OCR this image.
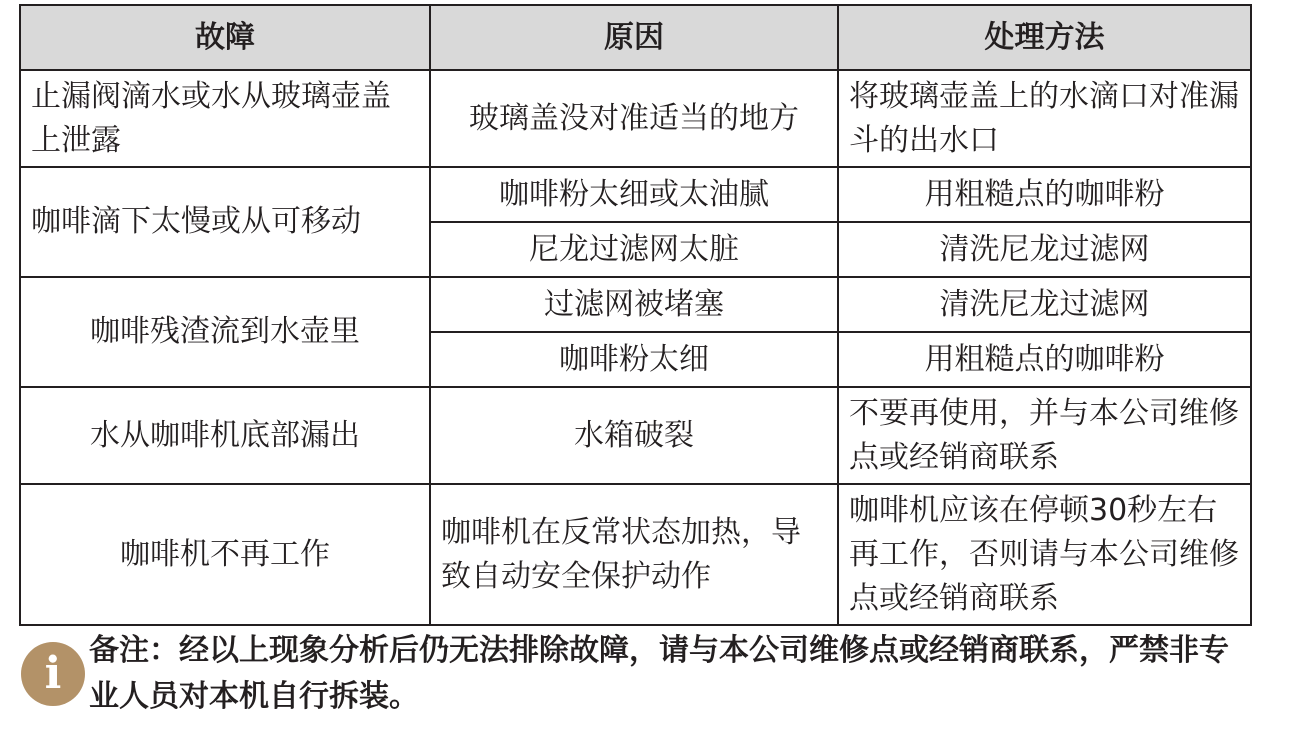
故障	原因	处理方法
止漏阀滴水或水从玻璃壶盖上泄露	玻璃盖没对准适当的地方	将玻璃壶盖上的水滴口对准漏斗的出水口
咖啡滴下太慢或从可移动	咖啡粉太细或太油腻	用粗糙点的咖啡粉
	尼龙过滤网太脏	清洗尼龙过滤网
咖啡残渣流到水壶里	过滤网被堵塞	清洗尼龙过滤网
	咖啡粉太细	用粗糙点的咖啡粉
水从咖啡机底部漏出	水箱破裂	不要再使用，并与本公司维修点或经销商联系
咖啡机不再工作	咖啡机在反常状态加热，导致自动安全保护动作	咖啡机应该在停顿30秒左右再工作，否则请与本公司维修点或经销商联系
i 备注：经以上现象分析后仍无法排除故障，请与本公司维修点或经销商联系，严禁非专业人员对本机自行拆装。
